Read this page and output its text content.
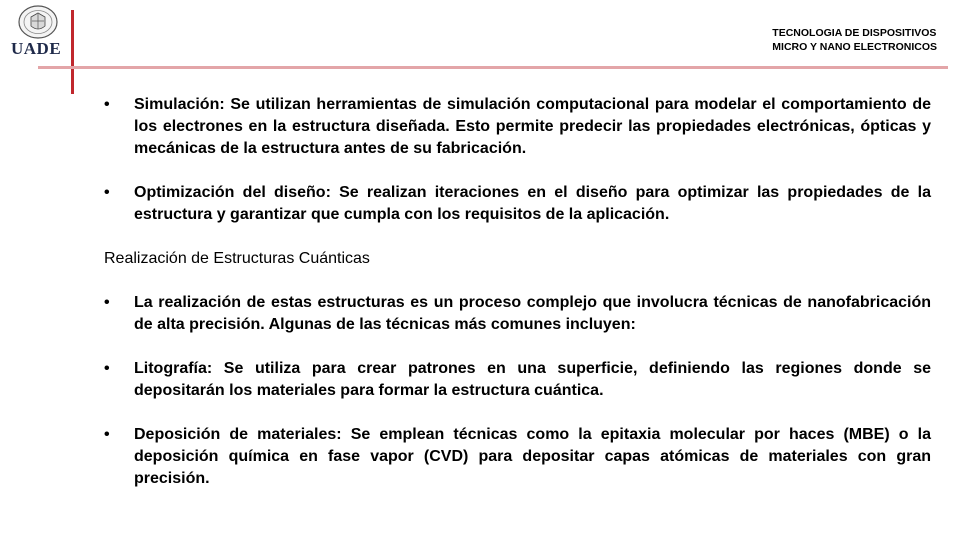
UADE
TECNOLOGIA DE DISPOSITIVOS
MICRO Y NANO ELECTRONICOS
• Simulación: Se utilizan herramientas de simulación computacional para modelar el comportamiento de los electrones en la estructura diseñada. Esto permite predecir las propiedades electrónicas, ópticas y mecánicas de la estructura antes de su fabricación.
• Optimización del diseño: Se realizan iteraciones en el diseño para optimizar las propiedades de la estructura y garantizar que cumpla con los requisitos de la aplicación.
Realización de Estructuras Cuánticas
• La realización de estas estructuras es un proceso complejo que involucra técnicas de nanofabricación de alta precisión. Algunas de las técnicas más comunes incluyen:
• Litografía: Se utiliza para crear patrones en una superficie, definiendo las regiones donde se depositarán los materiales para formar la estructura cuántica.
• Deposición de materiales: Se emplean técnicas como la epitaxia molecular por haces (MBE) o la deposición química en fase vapor (CVD) para depositar capas atómicas de materiales con gran precisión.
